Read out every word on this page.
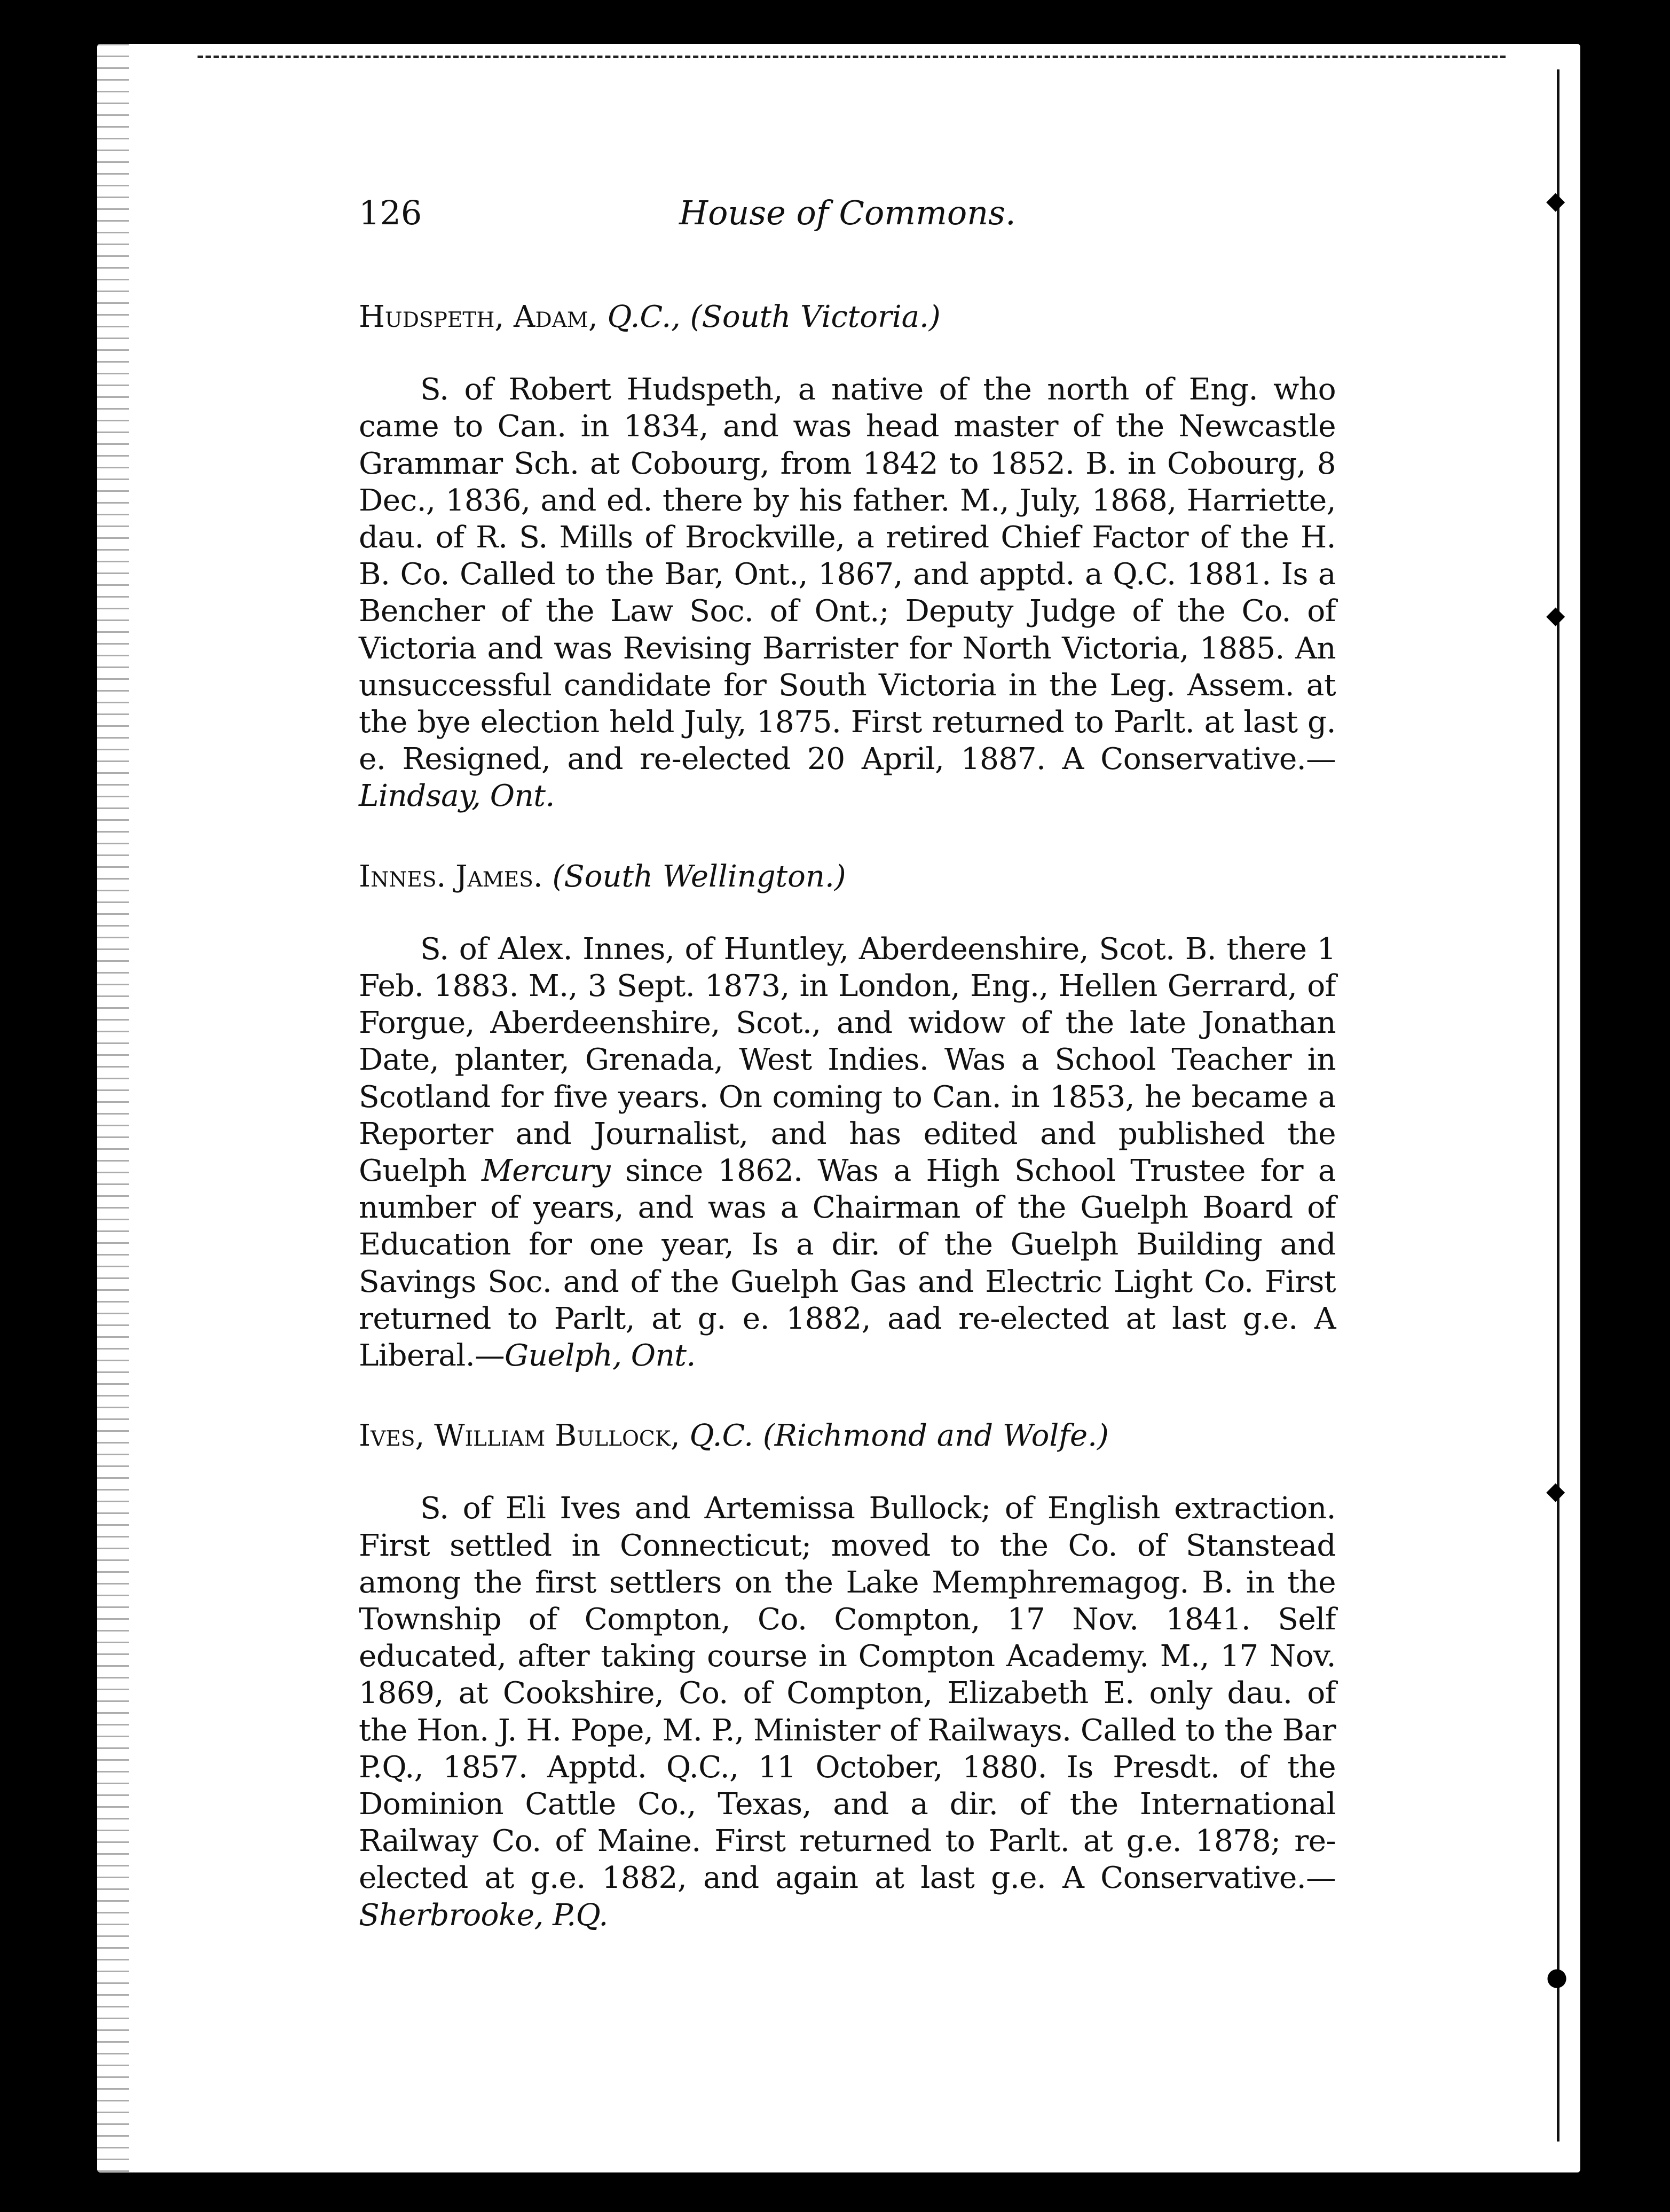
◆
◆
◆
●
126	House of Commons.
Hudspeth, Adam, Q.C., (South Victoria.)
S. of Robert Hudspeth, a native of the north of Eng. who came to Can. in 1834, and was head master of the Newcastle Grammar Sch. at Cobourg, from 1842 to 1852. B. in Cobourg, 8 Dec., 1836, and ed. there by his father. M., July, 1868, Harriette, dau. of R. S. Mills of Brockville, a retired Chief Factor of the H. B. Co. Called to the Bar, Ont., 1867, and apptd. a Q.C. 1881. Is a Bencher of the Law Soc. of Ont.; Deputy Judge of the Co. of Victoria and was Revising Barrister for North Victoria, 1885. An unsuccessful candidate for South Victoria in the Leg. Assem. at the bye election held July, 1875. First returned to Parlt. at last g. e. Resigned, and re-elected 20 April, 1887. A Conservative.—Lindsay, Ont.
Innes. James. (South Wellington.)
S. of Alex. Innes, of Huntley, Aberdeenshire, Scot. B. there 1 Feb. 1883. M., 3 Sept. 1873, in London, Eng., Hellen Gerrard, of Forgue, Aberdeenshire, Scot., and widow of the late Jonathan Date, planter, Grenada, West Indies. Was a School Teacher in Scotland for five years. On coming to Can. in 1853, he became a Reporter and Journalist, and has edited and published the Guelph Mercury since 1862. Was a High School Trustee for a number of years, and was a Chairman of the Guelph Board of Education for one year, Is a dir. of the Guelph Building and Savings Soc. and of the Guelph Gas and Electric Light Co. First returned to Parlt, at g. e. 1882, aad re-elected at last g.e. A Liberal.—Guelph, Ont.
Ives, William Bullock, Q.C. (Richmond and Wolfe.)
S. of Eli Ives and Artemissa Bullock; of English extraction. First settled in Connecticut; moved to the Co. of Stanstead among the first settlers on the Lake Memphremagog. B. in the Township of Compton, Co. Compton, 17 Nov. 1841. Self educated, after taking course in Compton Academy. M., 17 Nov. 1869, at Cookshire, Co. of Compton, Elizabeth E. only dau. of the Hon. J. H. Pope, M. P., Minister of Railways. Called to the Bar P.Q., 1857. Apptd. Q.C., 11 October, 1880. Is Presdt. of the Dominion Cattle Co., Texas, and a dir. of the International Railway Co. of Maine. First returned to Parlt. at g.e. 1878; re-elected at g.e. 1882, and again at last g.e. A Conservative.—Sherbrooke, P.Q.
